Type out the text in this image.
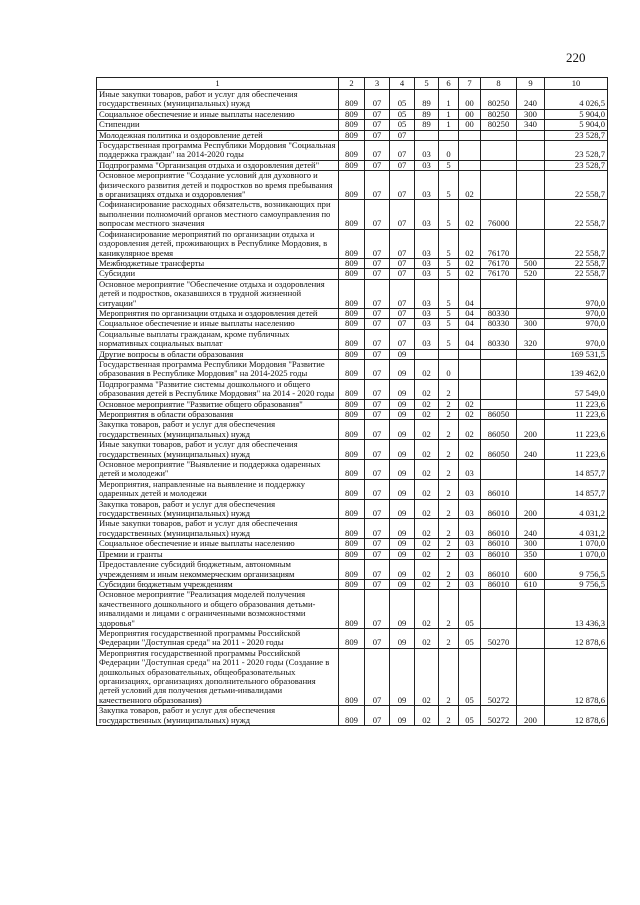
220
1	2	3	4	5	6	7	8	9	10
Иные закупки товаров, работ и услуг для обеспечения государственных (муниципальных) нужд	809	07	05	89	1	00	80250	240	4 026,5
Социальное обеспечение и иные выплаты населению	809	07	05	89	1	00	80250	300	5 904,0
Стипендии	809	07	05	89	1	00	80250	340	5 904,0
Молодежная политика и оздоровление детей	809	07	07						23 528,7
Государственная программа Республики Мордовия "Социальная поддержка граждан" на 2014-2020 годы	809	07	07	03	0				23 528,7
Подпрограмма "Организация отдыха и оздоровления детей"	809	07	07	03	5				23 528,7
Основное мероприятие "Создание условий для духовного и физического развития детей и подростков во время пребывания в организациях отдыха и оздоровления"	809	07	07	03	5	02			22 558,7
Софинансирование расходных обязательств, возникающих при выполнении полномочий органов местного самоуправления по вопросам местного значения	809	07	07	03	5	02	76000		22 558,7
Софинансирование мероприятий по организации отдыха и оздоровления детей, проживающих в Республике Мордовия, в каникулярное время	809	07	07	03	5	02	76170		22 558,7
Межбюджетные трансферты	809	07	07	03	5	02	76170	500	22 558,7
Субсидии	809	07	07	03	5	02	76170	520	22 558,7
Основное мероприятие "Обеспечение отдыха и оздоровления детей и подростков, оказавшихся в трудной жизненной ситуации"	809	07	07	03	5	04			970,0
Мероприятия по организации отдыха и оздоровления детей	809	07	07	03	5	04	80330		970,0
Социальное обеспечение и иные выплаты населению	809	07	07	03	5	04	80330	300	970,0
Социальные выплаты гражданам, кроме публичных нормативных социальных выплат	809	07	07	03	5	04	80330	320	970,0
Другие вопросы в области образования	809	07	09						169 531,5
Государственная программа Республики Мордовия "Развитие образования в Республике Мордовия" на 2014-2025 годы	809	07	09	02	0				139 462,0
Подпрограмма "Развитие системы дошкольного и общего образования детей в Республике Мордовия" на 2014 - 2020 годы	809	07	09	02	2				57 549,0
Основное мероприятие "Развитие общего образования"	809	07	09	02	2	02			11 223,6
Мероприятия в области образования	809	07	09	02	2	02	86050		11 223,6
Закупка товаров, работ и услуг для обеспечения государственных (муниципальных) нужд	809	07	09	02	2	02	86050	200	11 223,6
Иные закупки товаров, работ и услуг для обеспечения государственных (муниципальных) нужд	809	07	09	02	2	02	86050	240	11 223,6
Основное мероприятие "Выявление и поддержка одаренных детей и молодежи"	809	07	09	02	2	03			14 857,7
Мероприятия, направленные на выявление и поддержку одаренных детей и молодежи	809	07	09	02	2	03	86010		14 857,7
Закупка товаров, работ и услуг для обеспечения государственных (муниципальных) нужд	809	07	09	02	2	03	86010	200	4 031,2
Иные закупки товаров, работ и услуг для обеспечения государственных (муниципальных) нужд	809	07	09	02	2	03	86010	240	4 031,2
Социальное обеспечение и иные выплаты населению	809	07	09	02	2	03	86010	300	1 070,0
Премии и гранты	809	07	09	02	2	03	86010	350	1 070,0
Предоставление субсидий бюджетным, автономным учреждениям и иным некоммерческим организациям	809	07	09	02	2	03	86010	600	9 756,5
Субсидии бюджетным учреждениям	809	07	09	02	2	03	86010	610	9 756,5
Основное мероприятие "Реализация моделей получения качественного дошкольного и общего образования детьми-инвалидами и лицами с ограниченными возможностями здоровья"	809	07	09	02	2	05			13 436,3
Мероприятия государственной программы Российской Федерации "Доступная среда" на 2011 - 2020 годы	809	07	09	02	2	05	50270		12 878,6
Мероприятия государственной программы Российской Федерации "Доступная среда" на 2011 - 2020 годы (Создание в дошкольных образовательных, общеобразовательных организациях, организациях дополнительного образования детей условий для получения детьми-инвалидами качественного образования)	809	07	09	02	2	05	50272		12 878,6
Закупка товаров, работ и услуг для обеспечения государственных (муниципальных) нужд	809	07	09	02	2	05	50272	200	12 878,6
